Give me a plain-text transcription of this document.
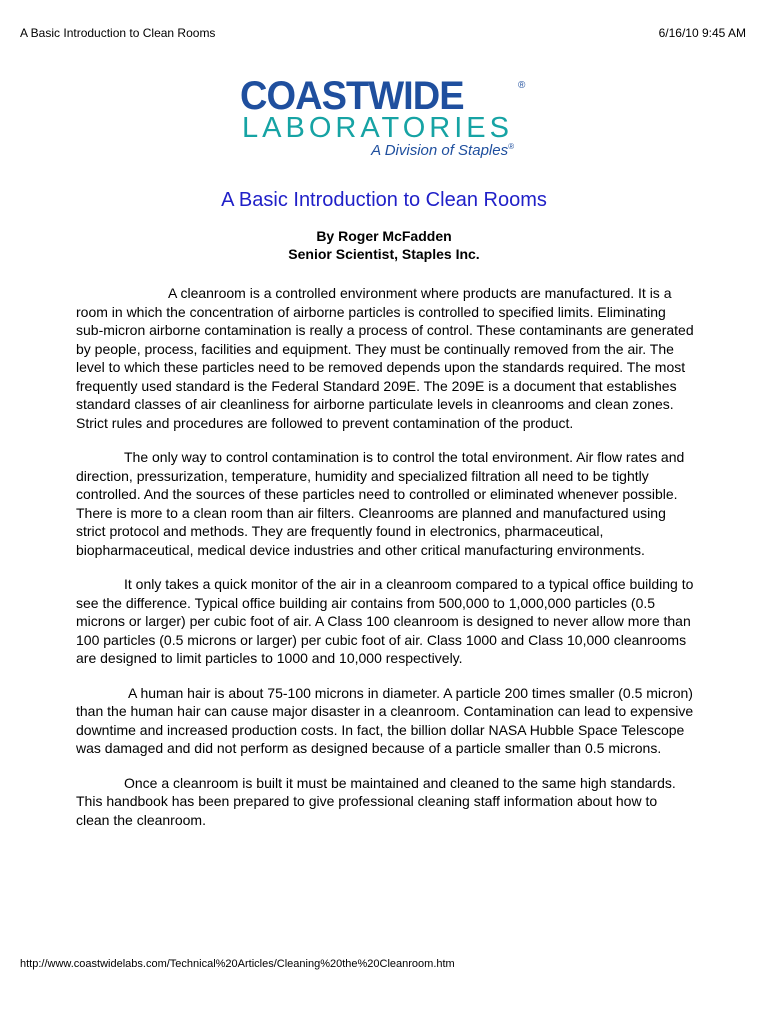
A Basic Introduction to Clean Rooms	6/16/10 9:45 AM
COASTWIDE	®
LABORATORIES
A Division of Staples®
A Basic Introduction to Clean Rooms
By Roger McFadden
Senior Scientist, Staples Inc.

A cleanroom is a controlled environment where products are manufactured. It is a room in which the concentration of airborne particles is controlled to specified limits. Eliminating sub-micron airborne contamination is really a process of control. These contaminants are generated by people, process, facilities and equipment. They must be continually removed from the air. The level to which these particles need to be removed depends upon the standards required. The most frequently used standard is the Federal Standard 209E. The 209E is a document that establishes standard classes of air cleanliness for airborne particulate levels in cleanrooms and clean zones. Strict rules and procedures are followed to prevent contamination of the product.

The only way to control contamination is to control the total environment. Air flow rates and direction, pressurization, temperature, humidity and specialized filtration all need to be tightly controlled. And the sources of these particles need to controlled or eliminated whenever possible. There is more to a clean room than air filters. Cleanrooms are planned and manufactured using strict protocol and methods. They are frequently found in electronics, pharmaceutical, biopharmaceutical, medical device industries and other critical manufacturing environments.

It only takes a quick monitor of the air in a cleanroom compared to a typical office building to see the difference. Typical office building air contains from 500,000 to 1,000,000 particles (0.5 microns or larger) per cubic foot of air. A Class 100 cleanroom is designed to never allow more than 100 particles (0.5 microns or larger) per cubic foot of air. Class 1000 and Class 10,000 cleanrooms are designed to limit particles to 1000 and 10,000 respectively.

A human hair is about 75-100 microns in diameter. A particle 200 times smaller (0.5 micron) than the human hair can cause major disaster in a cleanroom. Contamination can lead to expensive downtime and increased production costs. In fact, the billion dollar NASA Hubble Space Telescope was damaged and did not perform as designed because of a particle smaller than 0.5 microns.

Once a cleanroom is built it must be maintained and cleaned to the same high standards. This handbook has been prepared to give professional cleaning staff information about how to clean the cleanroom.

http://www.coastwidelabs.com/Technical%20Articles/Cleaning%20the%20Cleanroom.htm
